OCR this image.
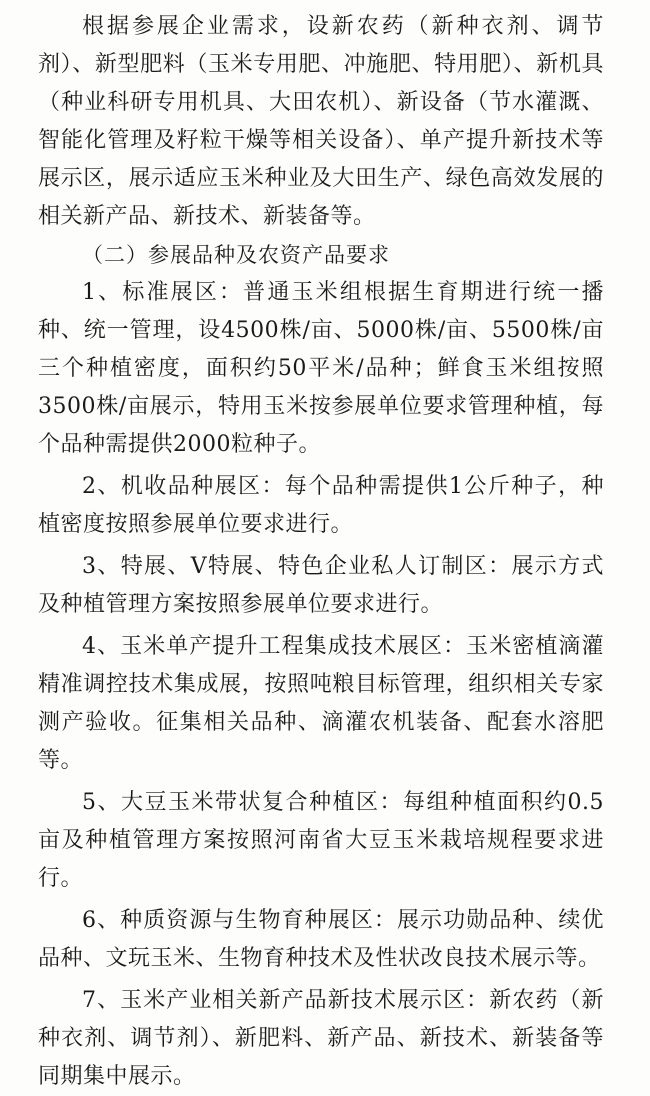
根据参展企业需求，设新农药（新种衣剂、调节剂）、新型肥料（玉米专用肥、冲施肥、特用肥）、新机具（种业科研专用机具、大田农机）、新设备（节水灌溉、智能化管理及籽粒干燥等相关设备）、单产提升新技术等展示区，展示适应玉米种业及大田生产、绿色高效发展的相关新产品、新技术、新装备等。

（二）参展品种及农资产品要求

1、标准展区：普通玉米组根据生育期进行统一播种、统一管理，设4500株/亩、5000株/亩、5500株/亩三个种植密度，面积约50平米/品种；鲜食玉米组按照3500株/亩展示，特用玉米按参展单位要求管理种植，每个品种需提供2000粒种子。

2、机收品种展区：每个品种需提供1公斤种子，种植密度按照参展单位要求进行。

3、特展、V特展、特色企业私人订制区：展示方式及种植管理方案按照参展单位要求进行。

4、玉米单产提升工程集成技术展区：玉米密植滴灌精准调控技术集成展，按照吨粮目标管理，组织相关专家测产验收。征集相关品种、滴灌农机装备、配套水溶肥等。

5、大豆玉米带状复合种植区：每组种植面积约0.5亩及种植管理方案按照河南省大豆玉米栽培规程要求进行。

6、种质资源与生物育种展区：展示功勋品种、续优品种、文玩玉米、生物育种技术及性状改良技术展示等。

7、玉米产业相关新产品新技术展示区：新农药（新种衣剂、调节剂）、新肥料、新产品、新技术、新装备等同期集中展示。
